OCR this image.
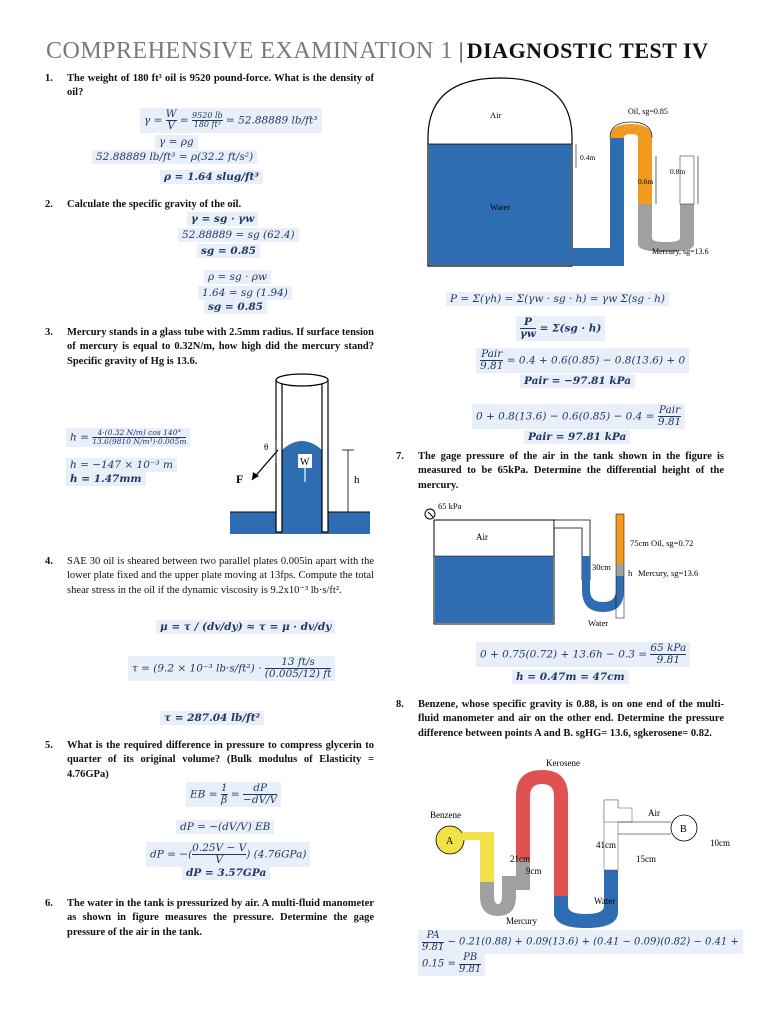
COMPREHENSIVE EXAMINATION 1 | DIAGNOSTIC TEST IV
1. The weight of 180 ft³ oil is 9520 pound-force. What is the density of oil?
$\gamma = \frac{W}{V} = \frac{9520 lb}{\text{180 ft³}} = 52.88889$ lb/ft³
γ = ρg
52.88889 lb/ft³ = ρ(32.2 ft/s²)
ρ = 1.64 slug/ft³
2. Calculate the specific gravity of the oil.
γ = sg · γw
52.88889 = sg (62.4)
sg = 0.85
ρ = sg · ρw
1.64 = sg (1.94)
sg = 0.85
3. Mercury stands in a glass tube with 2.5mm radius. If surface tension of mercury is equal to 0.32N/m, how high did the mercury stand? Specific gravity of Hg is 13.6.
$h = \frac{4\cdot(0.32 N/m) \cos 140^\circ}{\text{13.6(9810 N/m³)·0.005m}}$
h = −147 × 10⁻³ m
h = 1.47mm
θ
W
F	h
4. SAE 30 oil is sheared between two parallel plates 0.005in apart with the lower plate fixed and the upper plate moving at 13fps. Compute the total shear stress in the oil if the dynamic viscosity is 9.2x10⁻³ lb·s/ft².
μ = τ / (dv/dy) ≈ τ = μ · dv/dy
τ = (9.2 × 10⁻³ $lb\cdot s/ft^2) \cdot \frac{13 ft/s}{(0.005/12) ft}$
τ = 287.04 lb/ft²
5. What is the required difference in pressure to compress glycerin to quarter of its original volume? (Bulk modulus of Elasticity = 4.76GPa)
EB = $\frac{1}{\beta} = \frac{dP}{-dV/V}$
dP = −(dV/V) EB
dP = −( $\frac{0.25V - V}{V}$ ) (4.76GPa)
dP = 3.57GPa
6. The water in the tank is pressurized by air. A multi-fluid manometer as shown in figure measures the pressure. Determine the gage pressure of the air in the tank.
Air
Water
Oil, sg=0.85
Mercury, sg=13.6
0.4m
0.6m
0.8m
P = Σ(γh) = Σ(γw · sg · h) = γw Σ(sg · h)
$\frac{P}{\gamma w} = \Sigma(sg \cdot h)$
$\frac{\text{Pair}}{9.81} = 0.4 + 0.6(0.85) - 0.8(13.6) + 0$
Pair = −97.81 kPa
$0 + 0.8(13.6) - 0.6(0.85) - 0.4 = \frac{\text{Pair}}{9.81}$
Pair = 97.81 kPa
7. The gage pressure of the air in the tank shown in the figure is measured to be 65kPa. Determine the differential height of the mercury.
65 kPa
Air
30cm
75cm Oil, sg=0.72
h Mercury, sg=13.6
Water
$0 + 0.75(0.72) + 13.6h - 0.3 = \frac{\text{65 kPa}}{9.81}$
h = 0.47m = 47cm
8. Benzene, whose specific gravity is 0.88, is on one end of the multi-fluid manometer and air on the other end. Determine the pressure difference between points A and B. sgHG= 13.6, sgkerosene= 0.82.
Benzene
A
Kerosene
B
Air
41cm
21cm
9cm
15cm
10cm
Water
Mercury
$\frac{PA}{9.81} - 0.21(0.88) + 0.09(13.6) + (0.41 - 0.09)(0.82) - 0.41$ +
$0.15 = \frac{PB}{9.81}$
